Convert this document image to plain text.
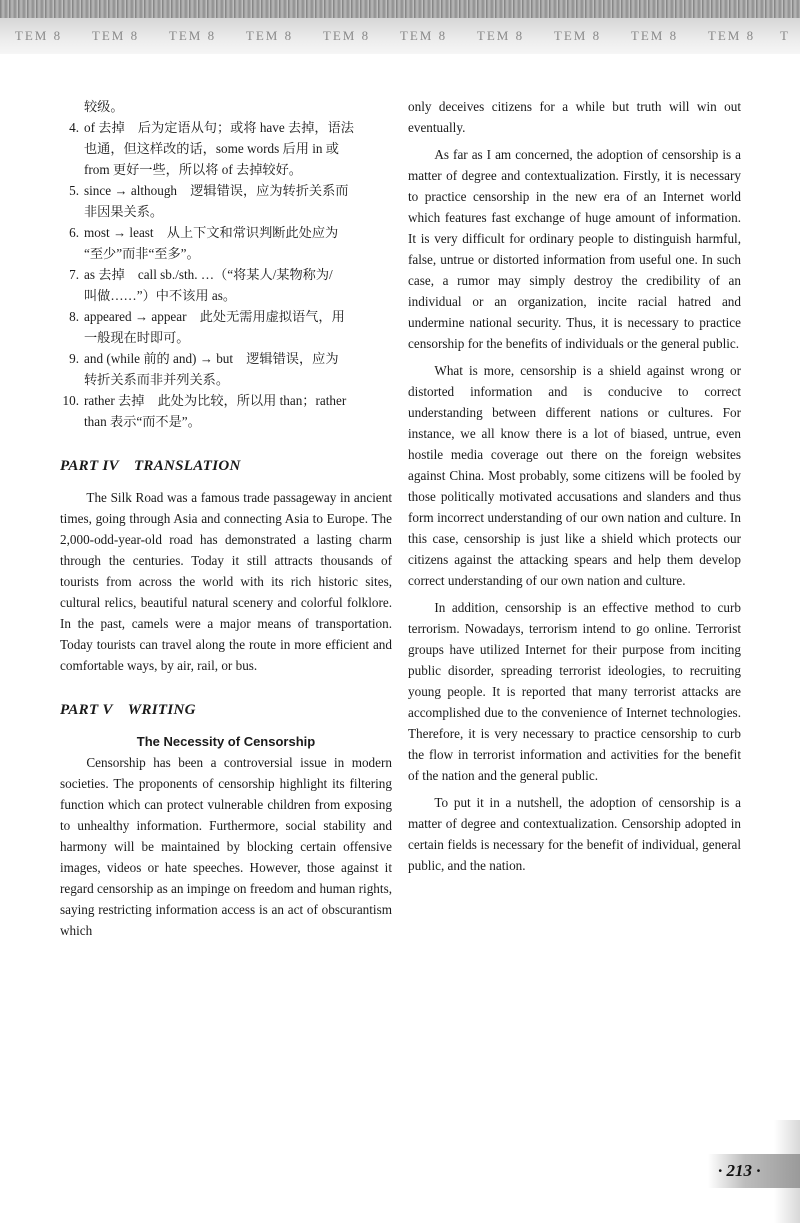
TEM 8	TEM 8	TEM 8	TEM 8	TEM 8	TEM 8	TEM 8	TEM 8	TEM 8	TEM 8	T
较级。
4. of 去掉　后为定语从句；或将 have 去掉，语法
也通，但这样改的话，some words 后用 in 或
from 更好一些，所以将 of 去掉较好。
5. since → although　逻辑错误，应为转折关系而
非因果关系。
6. most → least　从上下文和常识判断此处应为
“至少”而非“至多”。
7. as 去掉　call sb./sth. …（“将某人/某物称为/
叫做……”）中不该用 as。
8. appeared → appear　此处无需用虚拟语气，用
一般现在时即可。
9. and (while 前的 and) → but　逻辑错误，应为
转折关系而非并列关系。
10. rather 去掉　此处为比较，所以用 than；rather
than 表示“而不是”。
PART IV　TRANSLATION

The Silk Road was a famous trade passageway in ancient times, going through Asia and connecting Asia to Europe. The 2,000-odd-year-old road has demonstrated a lasting charm through the centuries. Today it still attracts thousands of tourists from across the world with its rich historic sites, cultural relics, beautiful natural scenery and colorful folklore. In the past, camels were a major means of transportation. Today tourists can travel along the route in more efficient and comfortable ways, by air, rail, or bus.

PART V　WRITING
The Necessity of Censorship

Censorship has been a controversial issue in modern societies. The proponents of censorship highlight its filtering function which can protect vulnerable children from exposing to unhealthy information. Furthermore, social stability and harmony will be maintained by blocking certain offensive images, videos or hate speeches. However, those against it regard censorship as an impinge on freedom and human rights, saying restricting information access is an act of obscurantism which

only deceives citizens for a while but truth will win out eventually.

As far as I am concerned, the adoption of censorship is a matter of degree and contextualization. Firstly, it is necessary to practice censorship in the new era of an Internet world which features fast exchange of huge amount of information. It is very difficult for ordinary people to distinguish harmful, false, untrue or distorted information from useful one. In such case, a rumor may simply destroy the credibility of an individual or an organization, incite racial hatred and undermine national security. Thus, it is necessary to practice censorship for the benefits of individuals or the general public.

What is more, censorship is a shield against wrong or distorted information and is conducive to correct understanding between different nations or cultures. For instance, we all know there is a lot of biased, untrue, even hostile media coverage out there on the foreign websites against China. Most probably, some citizens will be fooled by those politically motivated accusations and slanders and thus form incorrect understanding of our own nation and culture. In this case, censorship is just like a shield which protects our citizens against the attacking spears and help them develop correct understanding of our own nation and culture.

In addition, censorship is an effective method to curb terrorism. Nowadays, terrorism intend to go online. Terrorist groups have utilized Internet for their purpose from inciting public disorder, spreading terrorist ideologies, to recruiting young people. It is reported that many terrorist attacks are accomplished due to the convenience of Internet technologies. Therefore, it is very necessary to practice censorship to curb the flow in terrorist information and activities for the benefit of the nation and the general public.

To put it in a nutshell, the adoption of censorship is a matter of degree and contextualization. Censorship adopted in certain fields is necessary for the benefit of individual, general public, and the nation.

· 213 ·
